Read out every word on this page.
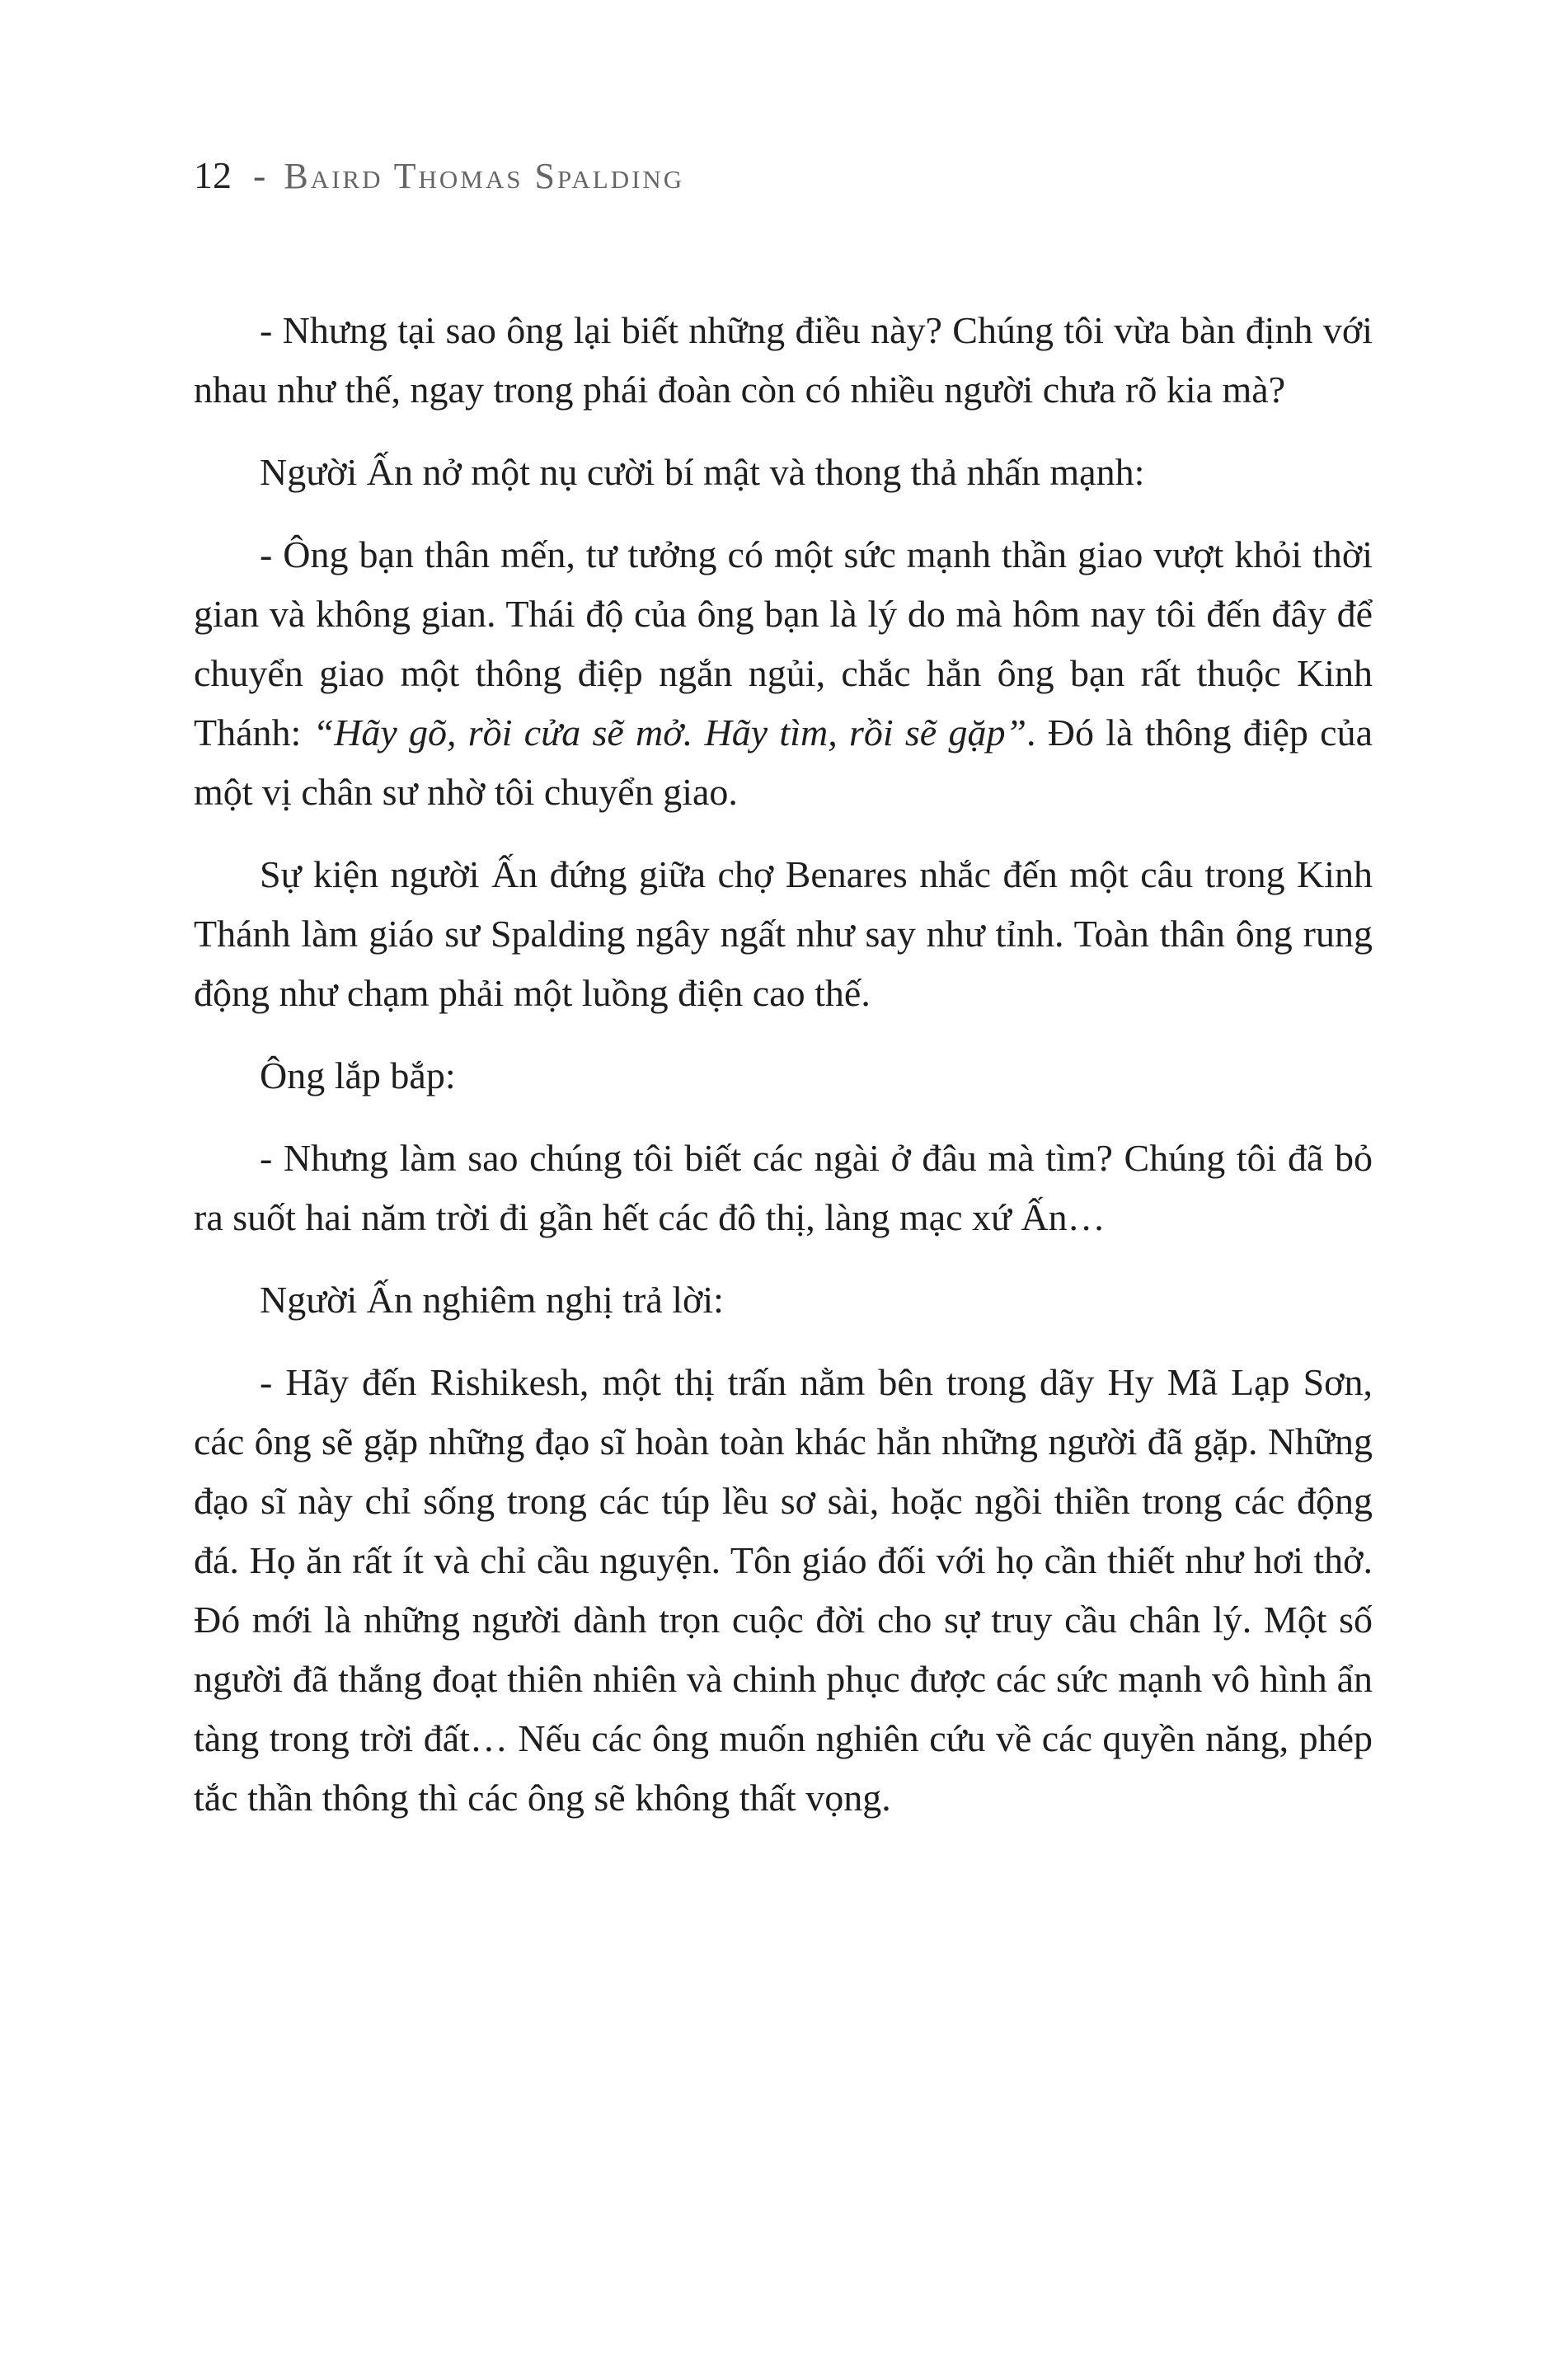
12 - Baird Thomas Spalding

- Nhưng tại sao ông lại biết những điều này? Chúng tôi vừa bàn định với nhau như thế, ngay trong phái đoàn còn có nhiều người chưa rõ kia mà?

Người Ấn nở một nụ cười bí mật và thong thả nhấn mạnh:

- Ông bạn thân mến, tư tưởng có một sức mạnh thần giao vượt khỏi thời gian và không gian. Thái độ của ông bạn là lý do mà hôm nay tôi đến đây để chuyển giao một thông điệp ngắn ngủi, chắc hẳn ông bạn rất thuộc Kinh Thánh: “Hãy gõ, rồi cửa sẽ mở. Hãy tìm, rồi sẽ gặp”. Đó là thông điệp của một vị chân sư nhờ tôi chuyển giao.

Sự kiện người Ấn đứng giữa chợ Benares nhắc đến một câu trong Kinh Thánh làm giáo sư Spalding ngây ngất như say như tỉnh. Toàn thân ông rung động như chạm phải một luồng điện cao thế.

Ông lắp bắp:

- Nhưng làm sao chúng tôi biết các ngài ở đâu mà tìm? Chúng tôi đã bỏ ra suốt hai năm trời đi gần hết các đô thị, làng mạc xứ Ấn…

Người Ấn nghiêm nghị trả lời:

- Hãy đến Rishikesh, một thị trấn nằm bên trong dãy Hy Mã Lạp Sơn, các ông sẽ gặp những đạo sĩ hoàn toàn khác hẳn những người đã gặp. Những đạo sĩ này chỉ sống trong các túp lều sơ sài, hoặc ngồi thiền trong các động đá. Họ ăn rất ít và chỉ cầu nguyện. Tôn giáo đối với họ cần thiết như hơi thở. Đó mới là những người dành trọn cuộc đời cho sự truy cầu chân lý. Một số người đã thắng đoạt thiên nhiên và chinh phục được các sức mạnh vô hình ẩn tàng trong trời đất… Nếu các ông muốn nghiên cứu về các quyền năng, phép tắc thần thông thì các ông sẽ không thất vọng.
